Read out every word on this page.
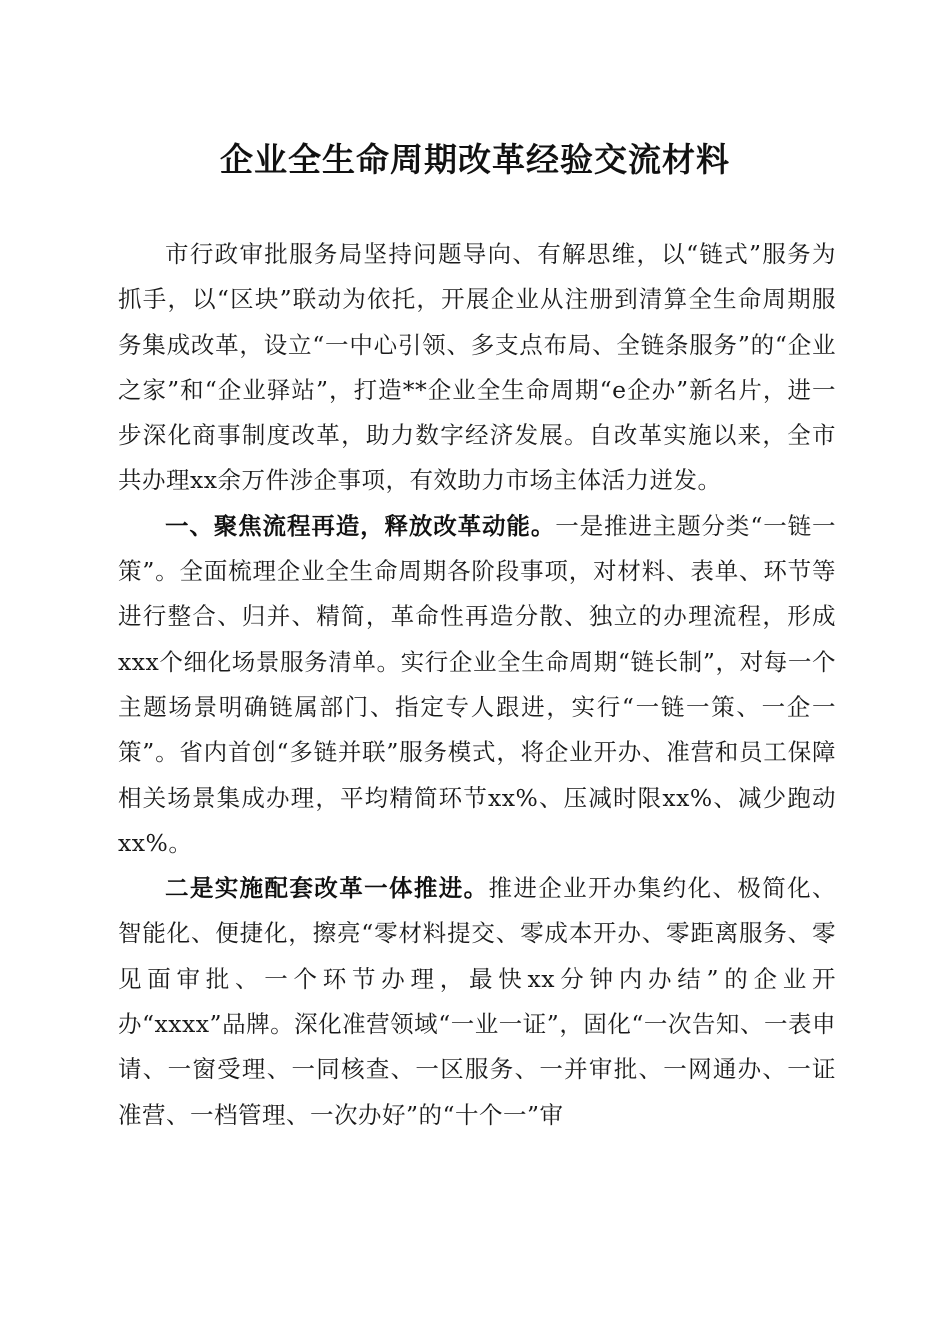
企业全生命周期改革经验交流材料

市行政审批服务局坚持问题导向、有解思维，以“链式”服务为抓手，以“区块”联动为依托，开展企业从注册到清算全生命周期服务集成改革，设立“一中心引领、多支点布局、全链条服务”的“企业之家”和“企业驿站”，打造**企业全生命周期“e企办”新名片，进一步深化商事制度改革，助力数字经济发展。自改革实施以来，全市共办理xx余万件涉企事项，有效助力市场主体活力迸发。

一、聚焦流程再造，释放改革动能。一是推进主题分类“一链一策”。全面梳理企业全生命周期各阶段事项，对材料、表单、环节等进行整合、归并、精简，革命性再造分散、独立的办理流程，形成xxx个细化场景服务清单。实行企业全生命周期“链长制”，对每一个主题场景明确链属部门、指定专人跟进，实行“一链一策、一企一策”。省内首创“多链并联”服务模式，将企业开办、准营和员工保障相关场景集成办理，平均精简环节xx%、压减时限xx%、减少跑动xx%。

二是实施配套改革一体推进。推进企业开办集约化、极简化、智能化、便捷化，擦亮“零材料提交、零成本开办、零距离服务、零见面审批、一个环节办理，最快xx分钟内办结”的企业开办“xxxx”品牌。深化准营领域“一业一证”，固化“一次告知、一表申请、一窗受理、一同核查、一区服务、一并审批、一网通办、一证准营、一档管理、一次办好”的“十个一”审
